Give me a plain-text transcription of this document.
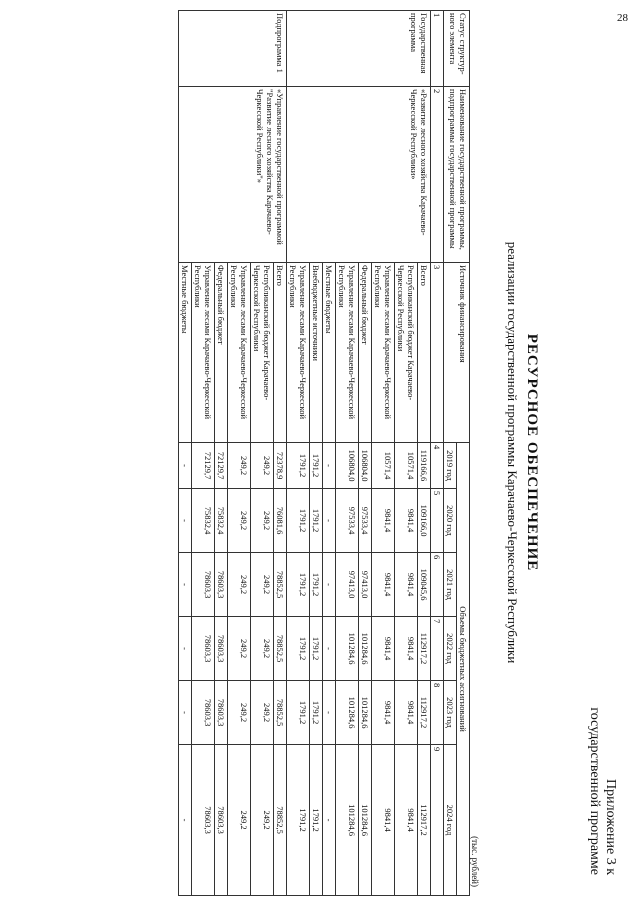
28
Приложение 3 к
государственной программе
РЕСУРСНОЕ ОБЕСПЕЧЕНИЕ
реализации государственной программы Карачаево-Черкесской Республики
(тыс. рублей)
Статус структур-ного элемента	Наименование государственной программы, подпрограммы государственной программы	Источник финансирования	Объемы бюджетных ассигнований					
			2019 год	2020 год	2021 год	2022 год	2023 год	2024 год
1	2	3	4	5	6	7	8	9
Государственная программа	«Развитие лесного хозяйства Карачаево-Черкесской Республики»	Всего	119166,6	109166,0	109045,6	112917,2	112917,2	112917,2
		Республиканский бюджет Карачаево-Черкесской Республики	10571,4	9841,4	9841,4	9841,4	9841,4	9841,4
		Управление лесами Карачаево-Черкесской Республики	10571,4	9841,4	9841,4	9841,4	9841,4	9841,4
		Федеральный бюджет	106804,0	97533,4	97413,0	101284,6	101284,6	101284,6
		Управление лесами Карачаево-Черкесской Республики	106804,0	97533,4	97413,0	101284,6	101284,6	101284,6
		Местные бюджеты	-	-	-	-	-	-
		Внебюджетные источники	1791,2	1791,2	1791,2	1791,2	1791,2	1791,2
		Управление лесами Карачаево-Черкесской Республики	1791,2	1791,2	1791,2	1791,2	1791,2	1791,2
Подпрограмма 1	«Управление государственной программой "Развитие лесного хозяйства Карачаево-Черкесской Республики"»	Всего	72378,9	76081,6	78852,5	78852,5	78852,5	78852,5
		Республиканский бюджет Карачаево-Черкесской Республики	249,2	249,2	249,2	249,2	249,2	249,2
		Управление лесами Карачаево-Черкесской Республики	249,2	249,2	249,2	249,2	249,2	249,2
		Федеральный бюджет	72129,7	75832,4	78603,3	78603,3	78603,3	78603,3
		Управление лесами Карачаево-Черкесской Республики	72129,7	75832,4	78603,3	78603,3	78603,3	78603,3
		Местные бюджеты	-	-	-	-	-	-
